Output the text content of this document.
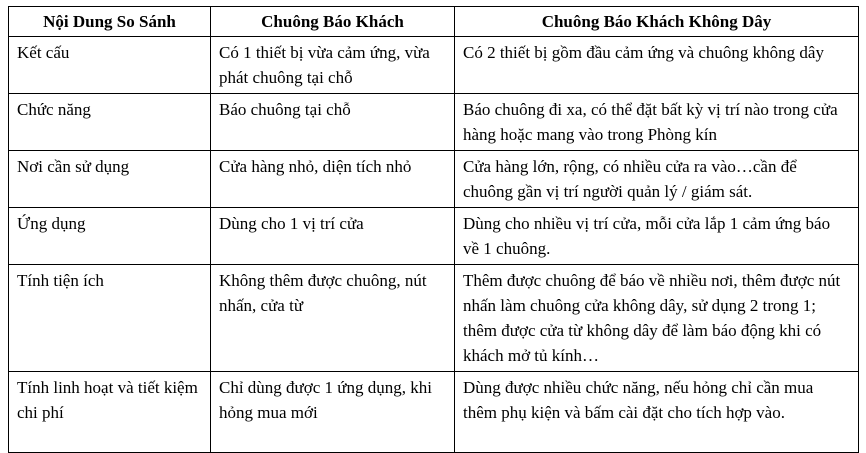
Nội Dung So Sánh	Chuông Báo Khách	Chuông Báo Khách Không Dây
Kết cấu	Có 1 thiết bị vừa cảm ứng, vừa phát chuông tại chỗ	Có 2 thiết bị gồm đầu cảm ứng và chuông không dây
Chức năng	Báo chuông tại chỗ	Báo chuông đi xa, có thể đặt bất kỳ vị trí nào trong cửa hàng hoặc mang vào trong Phòng kín
Nơi cần sử dụng	Cửa hàng nhỏ, diện tích nhỏ	Cửa hàng lớn, rộng, có nhiều cửa ra vào…cần để chuông gần vị trí người quản lý / giám sát.
Ứng dụng	Dùng cho 1 vị trí cửa	Dùng cho nhiều vị trí cửa, mỗi cửa lắp 1 cảm ứng báo về 1 chuông.
Tính tiện ích	Không thêm được chuông, nút nhấn, cửa từ	Thêm được chuông để báo về nhiều nơi, thêm được nút nhấn làm chuông cửa không dây, sử dụng 2 trong 1; thêm được cửa từ không dây để làm báo động khi có khách mở tủ kính…
Tính linh hoạt và tiết kiệm chi phí	Chỉ dùng được 1 ứng dụng, khi hỏng mua mới	Dùng được nhiều chức năng, nếu hỏng chỉ cần mua thêm phụ kiện và bấm cài đặt cho tích hợp vào.
